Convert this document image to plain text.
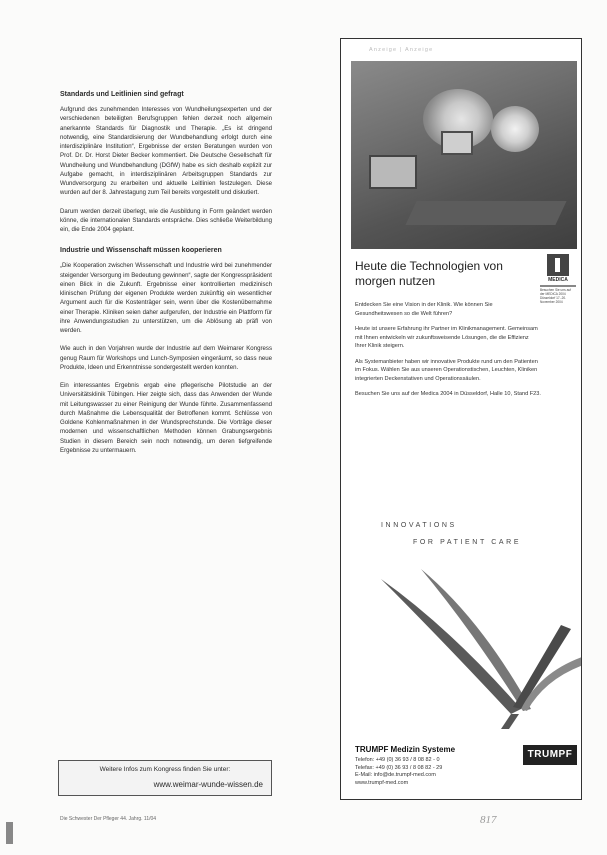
Standards und Leitlinien sind gefragt

Aufgrund des zunehmenden Interesses von Wundheilungsexperten und der verschiedenen beteiligten Berufsgruppen fehlen derzeit noch allgemein anerkannte Standards für Diagnostik und Therapie. „Es ist dringend notwendig, eine Standardisierung der Wundbehandlung erfolgt durch eine interdisziplinäre Institution“, Ergebnisse der ersten Beratungen wurden von Prof. Dr. Dr. Horst Dieter Becker kommentiert. Die Deutsche Gesellschaft für Wundheilung und Wundbehandlung (DGfW) habe es sich deshalb explizit zur Aufgabe gemacht, in interdisziplinären Arbeitsgruppen Standards zur Wundversorgung zu erarbeiten und aktuelle Leitlinien festzulegen. Diese wurden auf der 8. Jahrestagung zum Teil bereits vorgestellt und diskutiert.

Darum werden derzeit überlegt, wie die Ausbildung in Form geändert werden könne, die internationalen Standards entspräche. Dies schließe Weiterbildung ein, die Ende 2004 geplant.

Industrie und Wissenschaft müssen kooperieren

„Die Kooperation zwischen Wissenschaft und Industrie wird bei zunehmender steigender Versorgung im Bedeutung gewinnen“, sagte der Kongresspräsident einen Blick in die Zukunft. Ergebnisse einer kontrollierten medizinisch klinischen Prüfung der eigenen Produkte werden zukünftig ein wesentlicher Argument auch für die Kostenträger sein, wenn über die Kostenübernahme einer Therapie. Kliniken seien daher aufgerufen, der Industrie ein Plattform für ihre Anwendungsstudien zu unterstützen, um die Ablösung ab präfl von werden.

Wie auch in den Vorjahren wurde der Industrie auf dem Weimarer Kongress genug Raum für Workshops und Lunch-Symposien eingeräumt, so dass neue Produkte, Ideen und Erkenntnisse sondergestellt werden konnten.

Ein interessantes Ergebnis ergab eine pflegerische Pilotstudie an der Universitätsklinik Tübingen. Hier zeigte sich, dass das Anwenden der Wunde mit Leitungswasser zu einer Reinigung der Wunde führte. Zusammenfassend durch Maßnahme die Lebensqualität der Betroffenen kommt. Schlüsse von Goldene Kohlenmaßnahmen in der Wundsprechstunde. Die Vorträge dieser modernen und wissenschaftlichen Methoden können Grabungsergebnis Studien in diesem Bereich sein noch notwendig, um deren tiefgreifende Ergebnisse zu untermauern.

Weitere Infos zum Kongress finden Sie unter:
www.weimar-wunde-wissen.de
Die Schwester Der Pfleger 44. Jahrg. 11/04	817
Anzeige | Anzeige
Heute die Technologien von morgen nutzen	MEDICA
Besuchen Sie uns auf der MEDICA 2004 Düsseldorf 17.-20. November 2004

Entdecken Sie eine Vision in der Klinik. Wie können Sie Gesundheitswesen so die Welt führen?

Heute ist unsere Erfahrung ihr Partner im Klinikmanagement. Gemeinsam mit Ihnen entwickeln wir zukunftsweisende Lösungen, die die Effizienz Ihrer Klinik steigern.

Als Systemanbieter haben wir innovative Produkte rund um den Patienten im Fokus. Wählen Sie aus unseren Operationstischen, Leuchten, Kliniken integrierten Deckenstativen und Operationssäulen.

Besuchen Sie uns auf der Medica 2004 in Düsseldorf, Halle 10, Stand F23.

INNOVATIONS
FOR PATIENT CARE
TRUMPF Medizin Systeme
Telefon: +49 (0) 36 93 / 8 08 82 - 0
Telefax: +49 (0) 36 93 / 8 08 82 - 29
E-Mail: info@de.trumpf-med.com
www.trumpf-med.com
TRUMPF
